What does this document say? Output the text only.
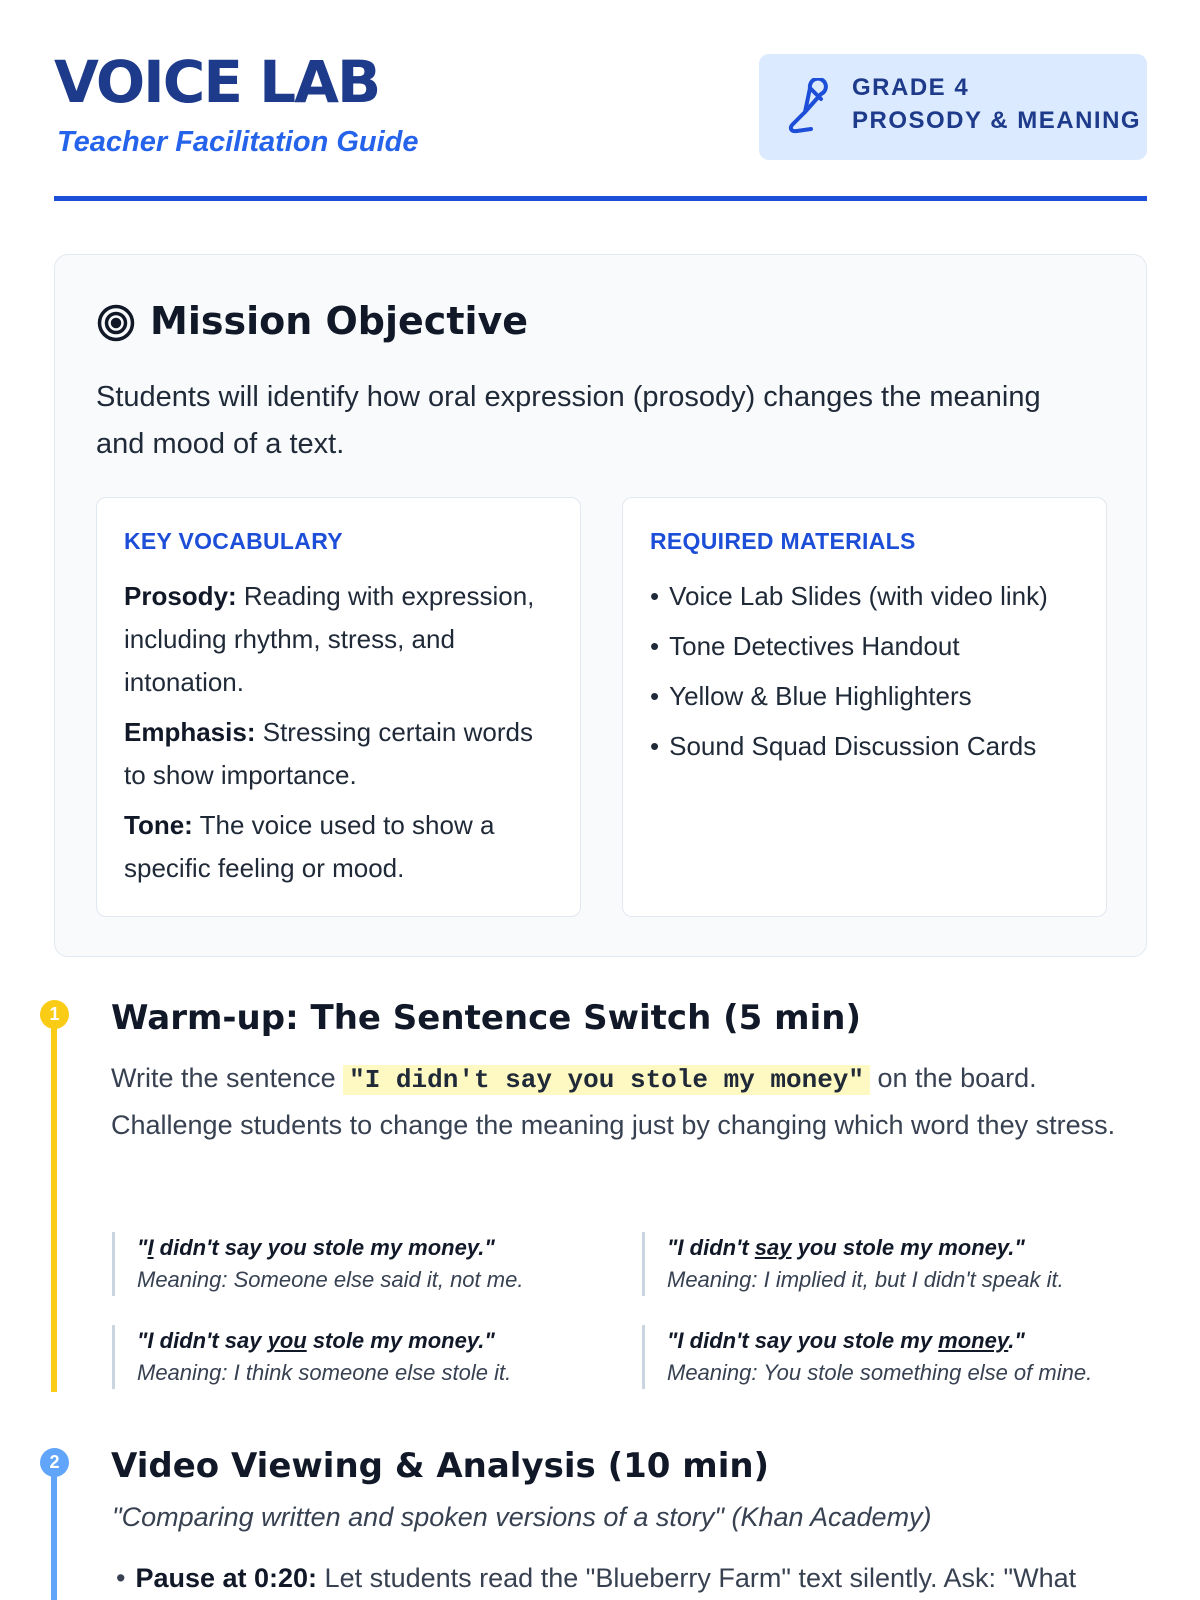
VOICE LAB
Teacher Facilitation Guide
GRADE 4
PROSODY & MEANING
Mission Objective
Students will identify how oral expression (prosody) changes the meaning and mood of a text.
KEY VOCABULARY

Prosody: Reading with expression, including rhythm, stress, and intonation.

Emphasis: Stressing certain words to show importance.

Tone: The voice used to show a specific feeling or mood.

REQUIRED MATERIALS
• Voice Lab Slides (with video link)
• Tone Detectives Handout
• Yellow & Blue Highlighters
• Sound Squad Discussion Cards
1 Warm-up: The Sentence Switch (5 min)
Write the sentence "I didn't say you stole my money" on the board. Challenge students to change the meaning just by changing which word they stress.
"I didn't say you stole my money."
Meaning: Someone else said it, not me.
"I didn't say you stole my money."
Meaning: I implied it, but I didn't speak it.
"I didn't say you stole my money."
Meaning: I think someone else stole it.
"I didn't say you stole my money."
Meaning: You stole something else of mine.
2 Video Viewing & Analysis (10 min)
"Comparing written and spoken versions of a story" (Khan Academy)
• Pause at 0:20: Let students read the "Blueberry Farm" text silently. Ask: "What
